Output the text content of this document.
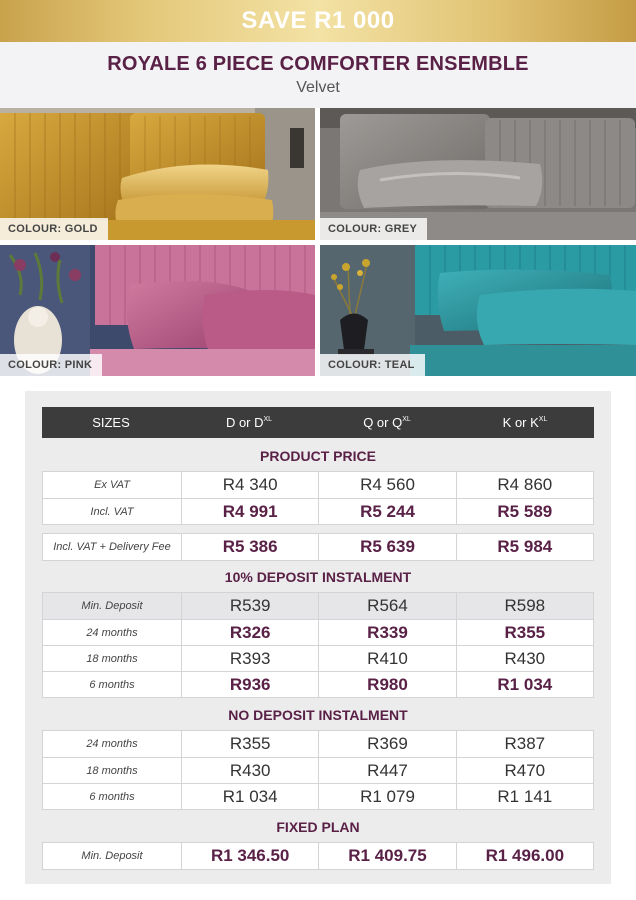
SAVE R1 000
ROYALE 6 PIECE COMFORTER ENSEMBLE
Velvet
COLOUR: GOLD	COLOUR: GREY
COLOUR: PINK	COLOUR: TEAL
SIZES	D or $D^{XL}$	Q or $Q^{XL}$	K or $K^{XL}$
PRODUCT PRICE
Ex VAT	R4 340	R4 560	R4 860
Incl. VAT	R4 991	R5 244	R5 589
Incl. VAT + Delivery Fee	R5 386	R5 639	R5 984
10% DEPOSIT INSTALMENT
Min. Deposit	R539	R564	R598
24 months	R326	R339	R355
18 months	R393	R410	R430
6 months	R936	R980	R1 034
NO DEPOSIT INSTALMENT
24 months	R355	R369	R387
18 months	R430	R447	R470
6 months	R1 034	R1 079	R1 141
FIXED PLAN
Min. Deposit	R1 346.50	R1 409.75	R1 496.00
